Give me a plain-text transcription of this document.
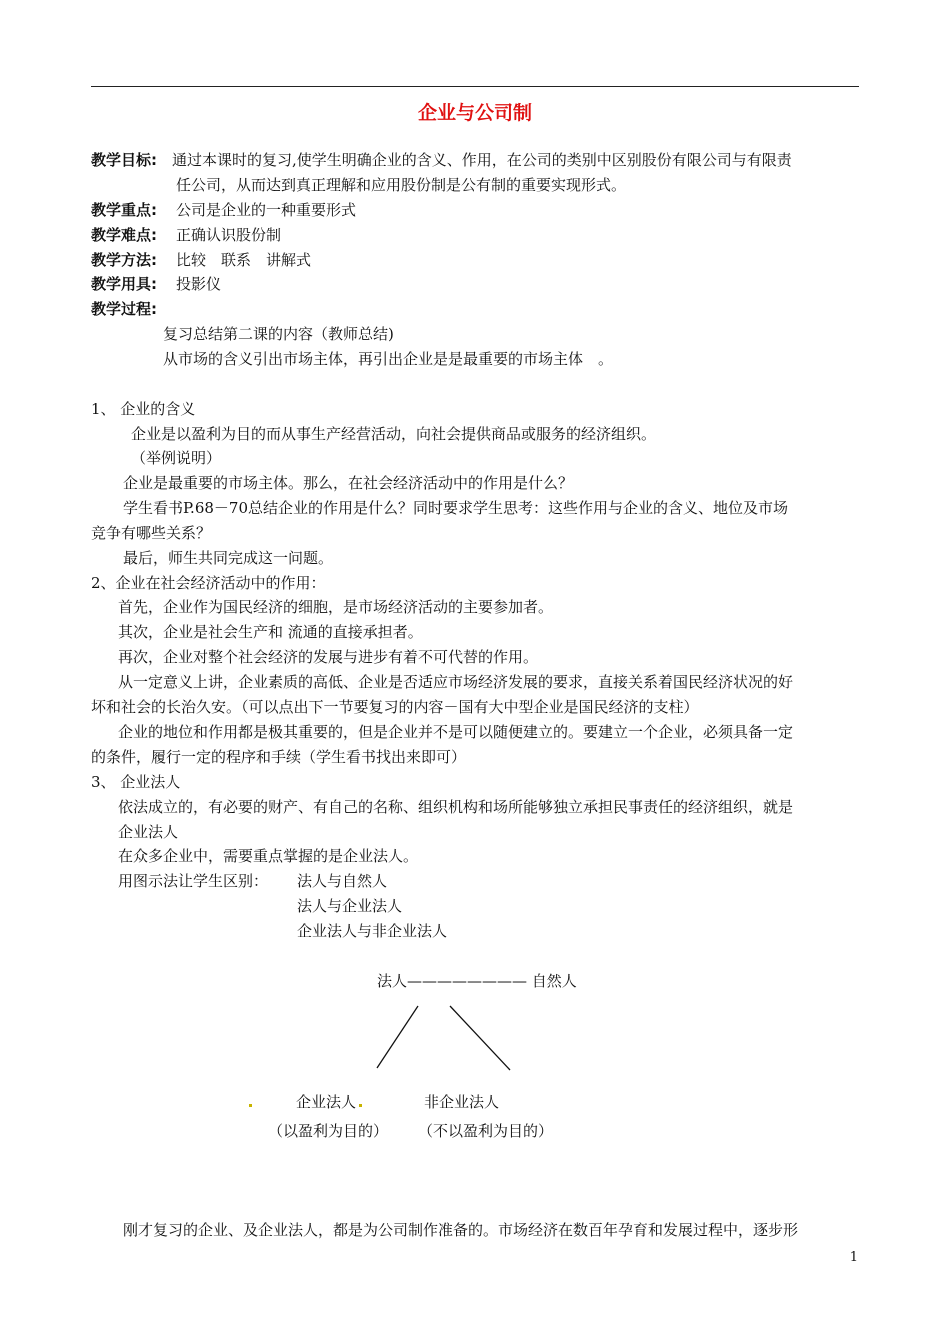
企业与公司制
教学目标: 通过本课时的复习,使学生明确企业的含义、作用，在公司的类别中区别股份有限公司与有限责
任公司，从而达到真正理解和应用股份制是公有制的重要实现形式。
教学重点: 公司是企业的一种重要形式
教学难点: 正确认识股份制
教学方法: 比较　联系　讲解式
教学用具: 投影仪
教学过程:
复习总结第二课的内容（教师总结)
从市场的含义引出市场主体，再引出企业是是最重要的市场主体　。
1、 企业的含义
企业是以盈利为目的而从事生产经营活动，向社会提供商品或服务的经济组织。
（举例说明）
企业是最重要的市场主体。那么，在社会经济活动中的作用是什么？
学生看书P.68－70总结企业的作用是什么？同时要求学生思考：这些作用与企业的含义、地位及市场
竞争有哪些关系？
最后，师生共同完成这一问题。
2、企业在社会经济活动中的作用：
首先，企业作为国民经济的细胞，是市场经济活动的主要参加者。
其次，企业是社会生产和 流通的直接承担者。
再次，企业对整个社会经济的发展与进步有着不可代替的作用。
从一定意义上讲，企业素质的高低、企业是否适应市场经济发展的要求，直接关系着国民经济状况的好
坏和社会的长治久安。（可以点出下一节要复习的内容－国有大中型企业是国民经济的支柱）
企业的地位和作用都是极其重要的，但是企业并不是可以随便建立的。要建立一个企业，必须具备一定
的条件，履行一定的程序和手续（学生看书找出来即可）
3、 企业法人
依法成立的，有必要的财产、有自己的名称、组织机构和场所能够独立承担民事责任的经济组织，就是
企业法人
在众多企业中，需要重点掌握的是企业法人。
用图示法让学生区别： 法人与自然人
法人与企业法人
企业法人与非企业法人
法人———————— 自然人
企业法人	非企业法人
（以盈利为目的） （不以盈利为目的）
刚才复习的企业、及企业法人，都是为公司制作准备的。市场经济在数百年孕育和发展过程中，逐步形
1
